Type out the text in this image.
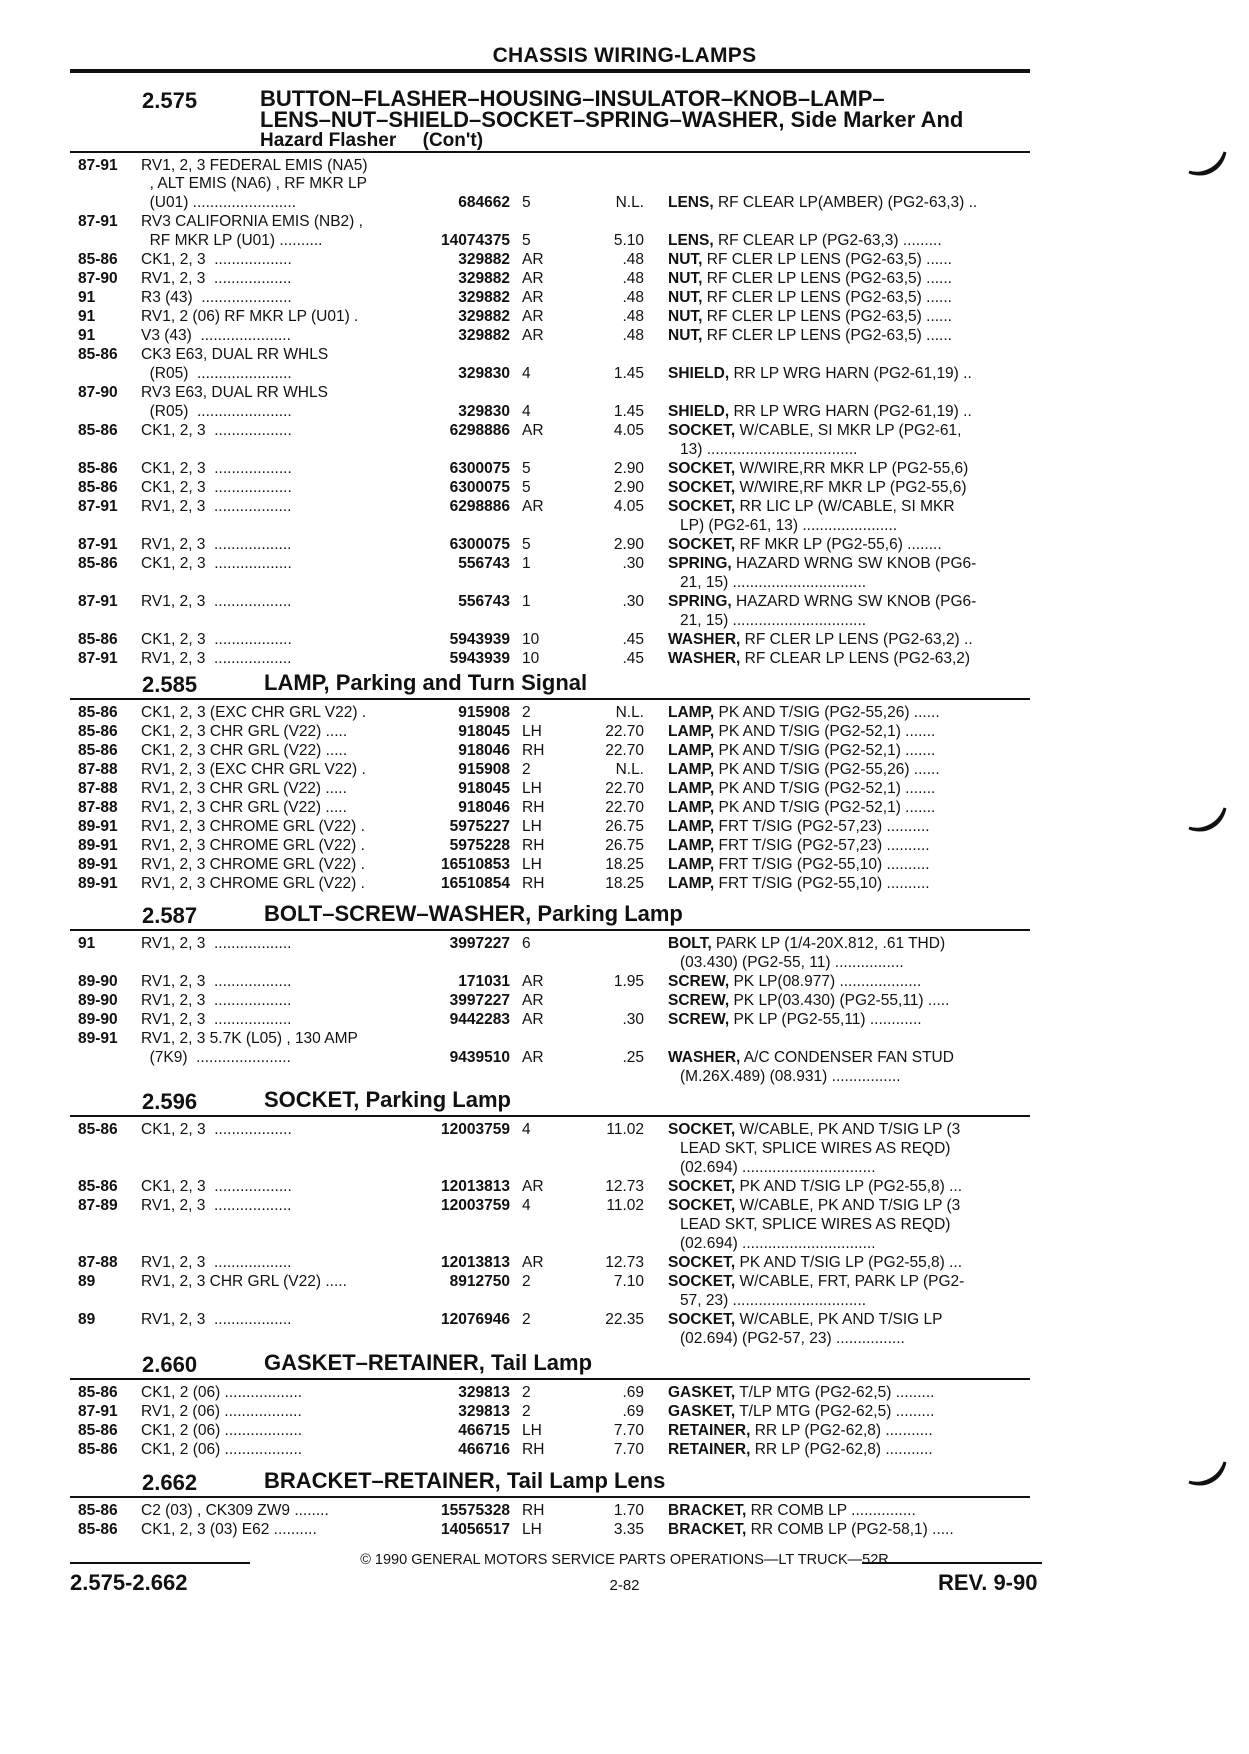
CHASSIS WIRING-LAMPS
2.575	BUTTON–FLASHER–HOUSING–INSULATOR–KNOB–LAMP–
LENS–NUT–SHIELD–SOCKET–SPRING–WASHER, Side Marker And
Hazard Flasher     (Con't)
87-91	RV1, 2, 3 FEDERAL EMIS (NA5)
, ALT EMIS (NA6) , RF MKR LP
(U01) ........................	684662 5	N.L. LENS, RF CLEAR LP(AMBER) (PG2-63,3) ..
87-91	RV3 CALIFORNIA EMIS (NB2) ,
RF MKR LP (U01) ..........	14074375 5	5.10 LENS, RF CLEAR LP (PG2-63,3) .........
85-86	CK1, 2, 3  ..................	329882 AR	.48 NUT, RF CLER LP LENS (PG2-63,5) ......
87-90	RV1, 2, 3  ..................	329882 AR	.48 NUT, RF CLER LP LENS (PG2-63,5) ......
91	R3 (43)  .....................	329882 AR	.48 NUT, RF CLER LP LENS (PG2-63,5) ......
91	RV1, 2 (06) RF MKR LP (U01) .	329882 AR	.48 NUT, RF CLER LP LENS (PG2-63,5) ......
91	V3 (43)  .....................	329882 AR	.48 NUT, RF CLER LP LENS (PG2-63,5) ......
85-86	CK3 E63, DUAL RR WHLS
(R05)  ......................	329830 4	1.45 SHIELD, RR LP WRG HARN (PG2-61,19) ..
87-90	RV3 E63, DUAL RR WHLS
(R05)  ......................	329830 4	1.45 SHIELD, RR LP WRG HARN (PG2-61,19) ..
85-86	CK1, 2, 3  ..................	6298886 AR	4.05 SOCKET, W/CABLE, SI MKR LP (PG2-61,
13) ...................................
85-86	CK1, 2, 3  ..................	6300075 5	2.90 SOCKET, W/WIRE,RR MKR LP (PG2-55,6)
85-86	CK1, 2, 3  ..................	6300075 5	2.90 SOCKET, W/WIRE,RF MKR LP (PG2-55,6)
87-91	RV1, 2, 3  ..................	6298886 AR	4.05 SOCKET, RR LIC LP (W/CABLE, SI MKR
LP) (PG2-61, 13) ......................
87-91	RV1, 2, 3  ..................	6300075 5	2.90 SOCKET, RF MKR LP (PG2-55,6) ........
85-86	CK1, 2, 3  ..................	556743 1	.30 SPRING, HAZARD WRNG SW KNOB (PG6-
21, 15) ...............................
87-91	RV1, 2, 3  ..................	556743 1	.30 SPRING, HAZARD WRNG SW KNOB (PG6-
21, 15) ...............................
85-86	CK1, 2, 3  ..................	5943939 10	.45 WASHER, RF CLER LP LENS (PG2-63,2) ..
87-91	RV1, 2, 3  ..................	5943939 10	.45 WASHER, RF CLEAR LP LENS (PG2-63,2)
85-86	CK1, 2, 3 (EXC CHR GRL V22) .	915908 2	N.L. LAMP, PK AND T/SIG (PG2-55,26) ......
85-86	CK1, 2, 3 CHR GRL (V22) .....	918045 LH	22.70 LAMP, PK AND T/SIG (PG2-52,1) .......
85-86	CK1, 2, 3 CHR GRL (V22) .....	918046 RH	22.70 LAMP, PK AND T/SIG (PG2-52,1) .......
87-88	RV1, 2, 3 (EXC CHR GRL V22) .	915908 2	N.L. LAMP, PK AND T/SIG (PG2-55,26) ......
87-88	RV1, 2, 3 CHR GRL (V22) .....	918045 LH	22.70 LAMP, PK AND T/SIG (PG2-52,1) .......
87-88	RV1, 2, 3 CHR GRL (V22) .....	918046 RH	22.70 LAMP, PK AND T/SIG (PG2-52,1) .......
89-91	RV1, 2, 3 CHROME GRL (V22) .	5975227 LH	26.75 LAMP, FRT T/SIG (PG2-57,23) ..........
89-91	RV1, 2, 3 CHROME GRL (V22) .	5975228 RH	26.75 LAMP, FRT T/SIG (PG2-57,23) ..........
89-91	RV1, 2, 3 CHROME GRL (V22) .	16510853 LH	18.25 LAMP, FRT T/SIG (PG2-55,10) ..........
89-91	RV1, 2, 3 CHROME GRL (V22) .	16510854 RH	18.25 LAMP, FRT T/SIG (PG2-55,10) ..........
91	RV1, 2, 3  ..................	3997227 6	BOLT, PARK LP (1/4-20X.812, .61 THD)
(03.430) (PG2-55, 11) ................
89-90	RV1, 2, 3  ..................	171031 AR	1.95 SCREW, PK LP(08.977) ...................
89-90	RV1, 2, 3  ..................	3997227 AR	SCREW, PK LP(03.430) (PG2-55,11) .....
89-90	RV1, 2, 3  ..................	9442283 AR	.30 SCREW, PK LP (PG2-55,11) ............
89-91	RV1, 2, 3 5.7K (L05) , 130 AMP
(7K9)  ......................	9439510 AR	.25 WASHER, A/C CONDENSER FAN STUD
(M.26X.489) (08.931) ................
85-86	CK1, 2, 3  ..................	12003759 4	11.02 SOCKET, W/CABLE, PK AND T/SIG LP (3
LEAD SKT, SPLICE WIRES AS REQD)
(02.694) ...............................
85-86	CK1, 2, 3  ..................	12013813 AR	12.73 SOCKET, PK AND T/SIG LP (PG2-55,8) ...
87-89	RV1, 2, 3  ..................	12003759 4	11.02 SOCKET, W/CABLE, PK AND T/SIG LP (3
LEAD SKT, SPLICE WIRES AS REQD)
(02.694) ...............................
87-88	RV1, 2, 3  ..................	12013813 AR	12.73 SOCKET, PK AND T/SIG LP (PG2-55,8) ...
89	RV1, 2, 3 CHR GRL (V22) .....	8912750 2	7.10 SOCKET, W/CABLE, FRT, PARK LP (PG2-
57, 23) ...............................
89	RV1, 2, 3  ..................	12076946 2	22.35 SOCKET, W/CABLE, PK AND T/SIG LP
(02.694) (PG2-57, 23) ................
85-86	CK1, 2 (06) ..................	329813 2	.69 GASKET, T/LP MTG (PG2-62,5) .........
87-91	RV1, 2 (06) ..................	329813 2	.69 GASKET, T/LP MTG (PG2-62,5) .........
85-86	CK1, 2 (06) ..................	466715 LH	7.70 RETAINER, RR LP (PG2-62,8) ...........
85-86	CK1, 2 (06) ..................	466716 RH	7.70 RETAINER, RR LP (PG2-62,8) ...........
85-86	C2 (03) , CK309 ZW9 ........	15575328 RH	1.70 BRACKET, RR COMB LP ...............
85-86	CK1, 2, 3 (03) E62 ..........	14056517 LH	3.35 BRACKET, RR COMB LP (PG2-58,1) .....
2.585	LAMP, Parking and Turn Signal
2.587	BOLT–SCREW–WASHER, Parking Lamp
2.596	SOCKET, Parking Lamp
2.660	GASKET–RETAINER, Tail Lamp
2.662	BRACKET–RETAINER, Tail Lamp Lens
© 1990 GENERAL MOTORS SERVICE PARTS OPERATIONS—LT TRUCK—52R
2.575-2.662	2-82	REV. 9-90
